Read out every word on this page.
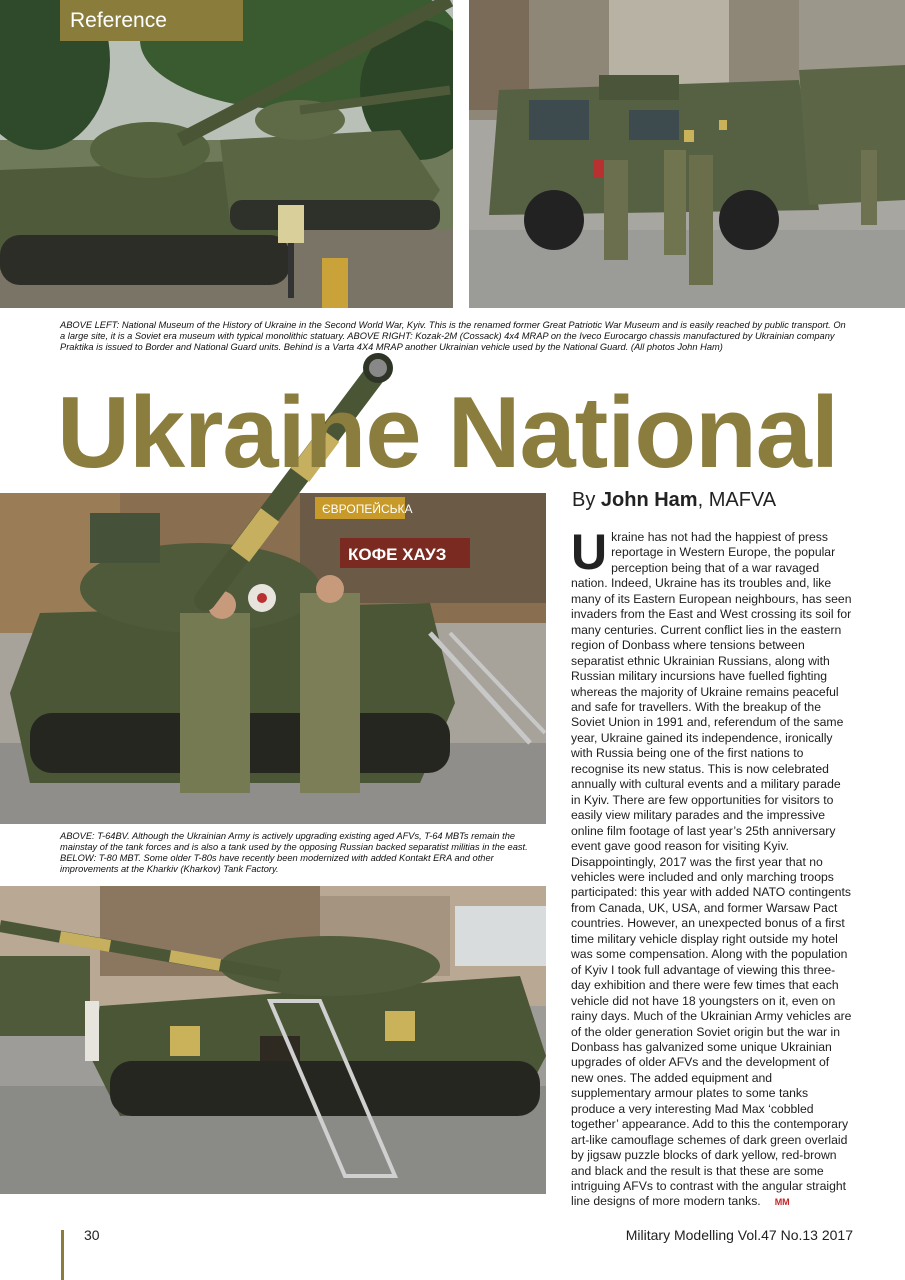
Reference
ABOVE LEFT: National Museum of the History of Ukraine in the Second World War, Kyiv. This is the renamed former Great Patriotic War Museum and is easily reached by public transport. On a large site, it is a Soviet era museum with typical monolithic statuary. ABOVE RIGHT: Kozak-2M (Cossack) 4x4 MRAP on the Iveco Eurocargo chassis manufactured by Ukrainian company Praktika is issued to Border and National Guard units. Behind is a Varta 4X4 MRAP another Ukrainian vehicle used by the National Guard. (All photos John Ham)
ЄВРОПЕЙСЬКА
КОФЕ ХАУЗ
Ukraine National
By John Ham, MAFVA
Ukraine has not had the happiest of press reportage in Western Europe, the popular perception being that of a war ravaged nation. Indeed, Ukraine has its troubles and, like many of its Eastern European neighbours, has seen invaders from the East and West crossing its soil for many centuries. Current conflict lies in the eastern region of Donbass where tensions between separatist ethnic Ukrainian Russians, along with Russian military incursions have fuelled fighting whereas the majority of Ukraine remains peaceful and safe for travellers. With the breakup of the Soviet Union in 1991 and, referendum of the same year, Ukraine gained its independence, ironically with Russia being one of the first nations to recognise its new status. This is now celebrated annually with cultural events and a military parade in Kyiv. There are few opportunities for visitors to easily view military parades and the impressive online film footage of last year’s 25th anniversary event gave good reason for visiting Kyiv. Disappointingly, 2017 was the first year that no vehicles were included and only marching troops participated: this year with added NATO contingents from Canada, UK, USA, and former Warsaw Pact countries. However, an unexpected bonus of a first time military vehicle display right outside my hotel was some compensation. Along with the population of Kyiv I took full advantage of viewing this three-day exhibition and there were few times that each vehicle did not have 18 youngsters on it, even on rainy days. Much of the Ukrainian Army vehicles are of the older generation Soviet origin but the war in Donbass has galvanized some unique Ukrainian upgrades of older AFVs and the development of new ones. The added equipment and supplementary armour plates to some tanks produce a very interesting Mad Max ‘cobbled together’ appearance. Add to this the contemporary art-like camouflage schemes of dark green overlaid by jigsaw puzzle blocks of dark yellow, red-brown and black and the result is that these are some intriguing AFVs to contrast with the angular straight line designs of more modern tanks. MM
ABOVE: T-64BV. Although the Ukrainian Army is actively upgrading existing aged AFVs, T-64 MBTs remain the mainstay of the tank forces and is also a tank used by the opposing Russian backed separatist militias in the east. BELOW: T-80 MBT. Some older T-80s have recently been modernized with added Kontakt ERA and other improvements at the Kharkiv (Kharkov) Tank Factory.
30	Military Modelling Vol.47 No.13 2017
